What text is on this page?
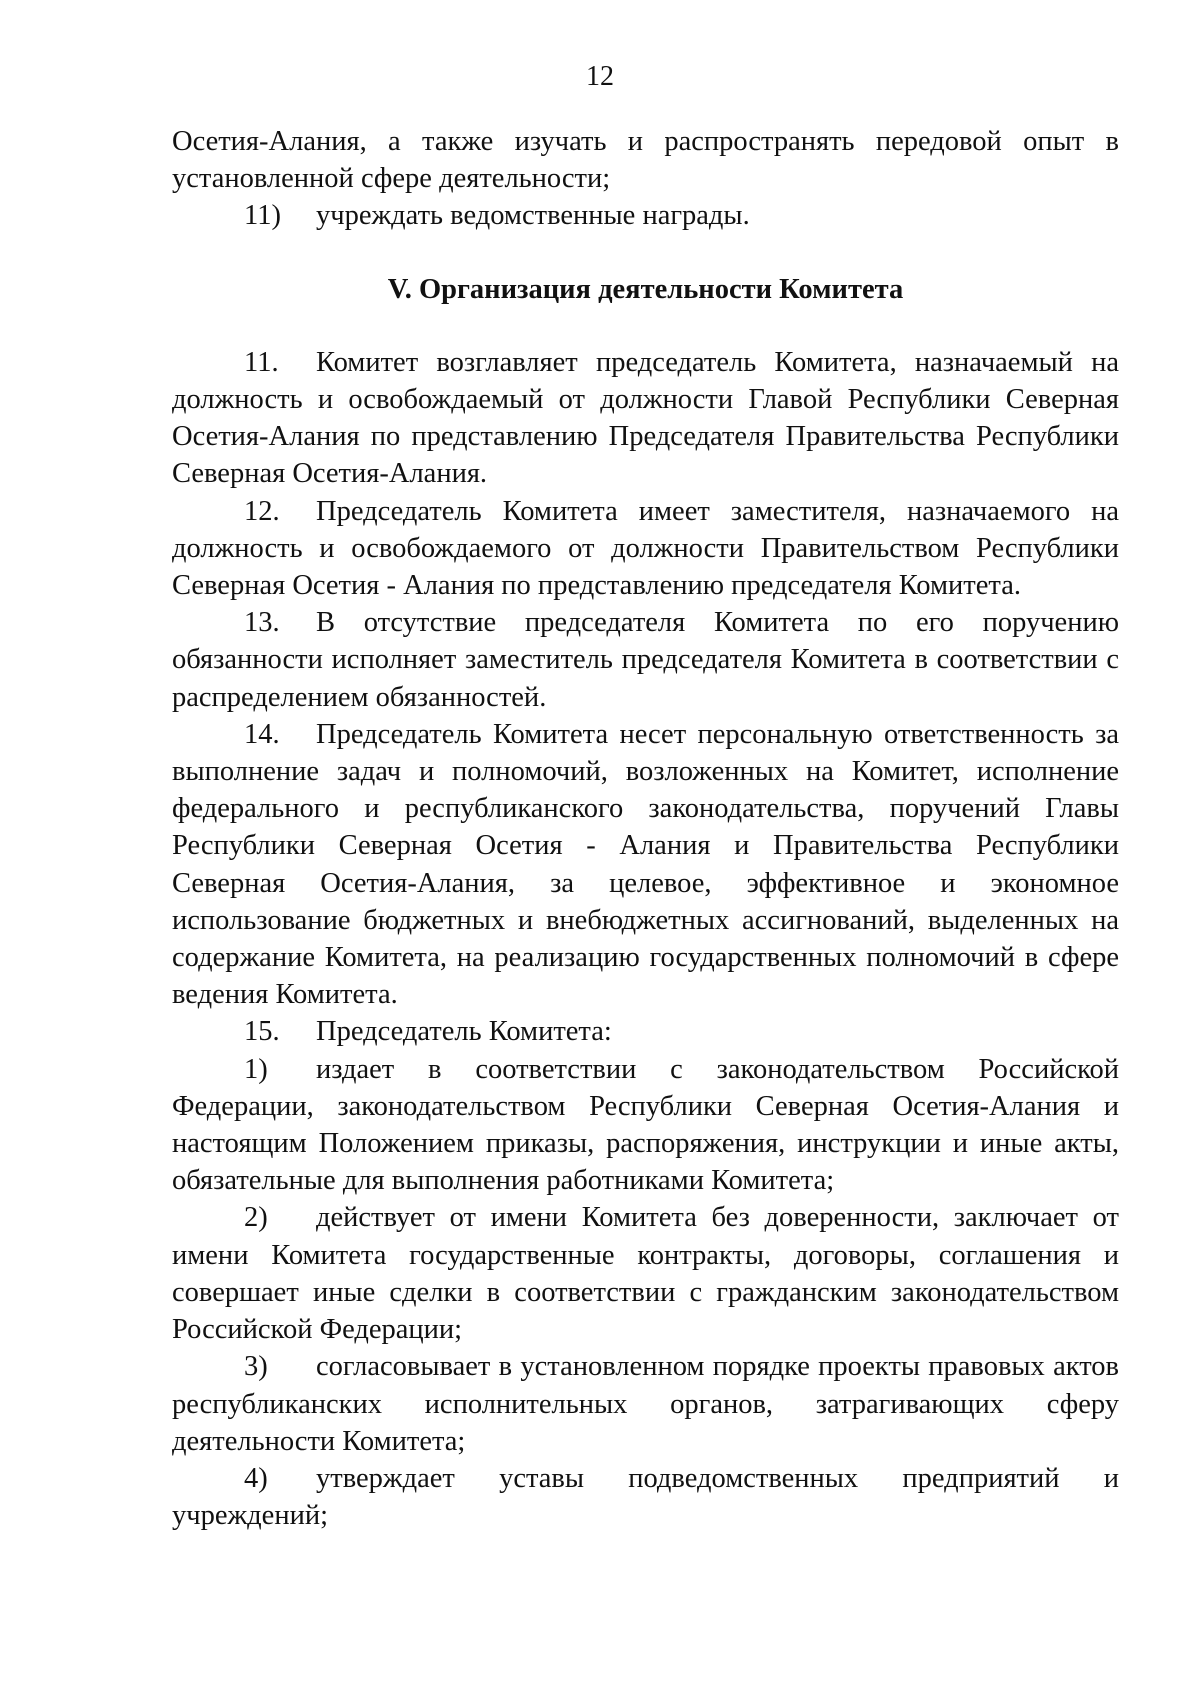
12

Осетия-Алания, а также изучать и распространять передовой опыт в установленной сфере деятельности;

11) учреждать ведомственные награды.

V. Организация деятельности Комитета

11. Комитет возглавляет председатель Комитета, назначаемый на должность и освобождаемый от должности Главой Республики Северная Осетия-Алания по представлению Председателя Правительства Республики Северная Осетия-Алания.

12. Председатель Комитета имеет заместителя, назначаемого на должность и освобождаемого от должности Правительством Республики Северная Осетия - Алания по представлению председателя Комитета.

13. В отсутствие председателя Комитета по его поручению обязанности исполняет заместитель председателя Комитета в соответствии с распределением обязанностей.

14. Председатель Комитета несет персональную ответственность за выполнение задач и полномочий, возложенных на Комитет, исполнение федерального и республиканского законодательства, поручений Главы Республики Северная Осетия - Алания и Правительства Республики Северная Осетия-Алания, за целевое, эффективное и экономное использование бюджетных и внебюджетных ассигнований, выделенных на содержание Комитета, на реализацию государственных полномочий в сфере ведения Комитета.

15. Председатель Комитета:

1) издает в соответствии с законодательством Российской Федерации, законодательством Республики Северная Осетия-Алания и настоящим Положением приказы, распоряжения, инструкции и иные акты, обязательные для выполнения работниками Комитета;

2) действует от имени Комитета без доверенности, заключает от имени Комитета государственные контракты, договоры, соглашения и совершает иные сделки в соответствии с гражданским законодательством Российской Федерации;

3) согласовывает в установленном порядке проекты правовых актов республиканских исполнительных органов, затрагивающих сферу деятельности Комитета;

4) утверждает уставы подведомственных предприятий и учреждений;
